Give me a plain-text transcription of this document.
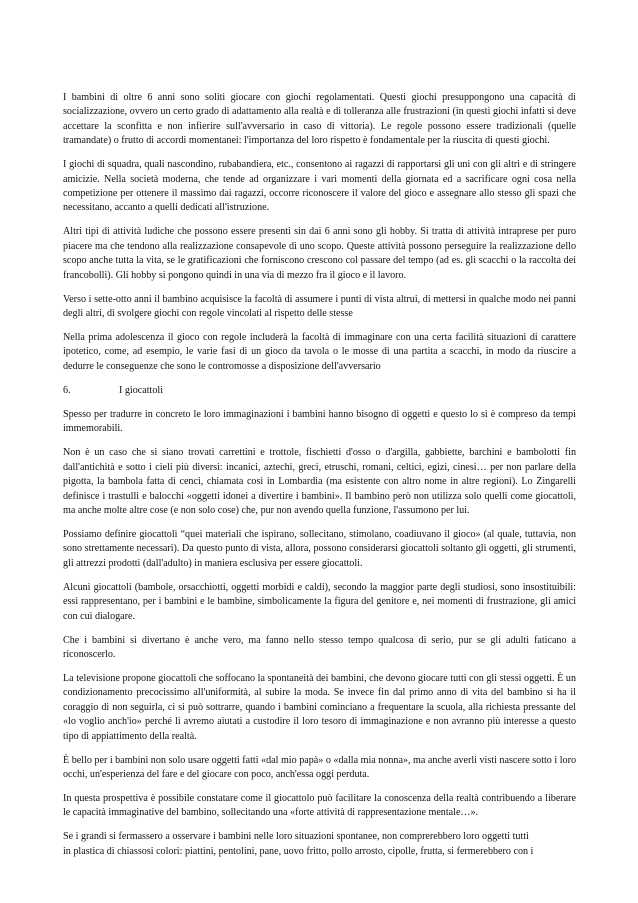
I bambini di oltre 6 anni sono soliti giocare con giochi regolamentati. Questi giochi presuppongono una capacità di socializzazione, ovvero un certo grado di adattamento alla realtà e di tolleranza alle frustrazioni (in questi giochi infatti si deve accettare la sconfitta e non infierire sull'avversario in caso di vittoria). Le regole possono essere tradizionali (quelle tramandate) o frutto di accordi momentanei: l'importanza del loro rispetto è fondamentale per la riuscita di questi giochi.

I giochi di squadra, quali nascondino, rubabandiera, etc., consentono ai ragazzi di rapportarsi gli uni con gli altri e di stringere amicizie. Nella società moderna, che tende ad organizzare i vari momenti della giornata ed a sacrificare ogni cosa nella competizione per ottenere il massimo dai ragazzi, occorre riconoscere il valore del gioco e assegnare allo stesso gli spazi che necessitano, accanto a quelli dedicati all'istruzione.

Altri tipi di attività ludiche che possono essere presenti sin dai 6 anni sono gli hobby. Si tratta di attività intraprese per puro piacere ma che tendono alla realizzazione consapevole di uno scopo. Queste attività possono perseguire la realizzazione dello scopo anche tutta la vita, se le gratificazioni che forniscono crescono col passare del tempo (ad es. gli scacchi o la raccolta dei francobolli). Gli hobby si pongono quindi in una via di mezzo fra il gioco e il lavoro.

Verso i sette-otto anni il bambino acquisisce la facoltà di assumere i punti di vista altrui, di mettersi in qualche modo nei panni degli altri, di svolgere giochi con regole vincolati al rispetto delle stesse

Nella prima adolescenza il gioco con regole includerà la facoltà di immaginare con una certa facilità situazioni di carattere ipotetico, come, ad esempio, le varie fasi di un gioco da tavola o le mosse di una partita a scacchi, in modo da riuscire a dedurre le conseguenze che sono le contromosse a disposizione dell'avversario

6.	I giocattoli

Spesso per tradurre in concreto le loro immaginazioni i bambini hanno bisogno di oggetti e questo lo si è compreso da tempi immemorabili.

Non è un caso che si siano trovati carrettini e trottole, fischietti d'osso o d'argilla, gabbiette, barchini e bambolotti fin dall'antichità e sotto i cieli più diversi: incanici, aztechi, greci, etruschi, romani, celtici, egizi, cinesi… per non parlare della pigotta, la bambola fatta di cenci, chiamata così in Lombardia (ma esistente con altro nome in altre regioni). Lo Zingarelli definisce i trastulli e balocchi «oggetti idonei a divertire i bambini». Il bambino però non utilizza solo quelli come giocattoli, ma anche molte altre cose (e non solo cose) che, pur non avendo quella funzione, l'assumono per lui.

Possiamo definire giocattoli “quei materiali che ispirano, sollecitano, stimolano, coadiuvano il gioco» (al quale, tuttavia, non sono strettamente necessari). Da questo punto di vista, allora, possono considerarsi giocattoli soltanto gli oggetti, gli strumenti, gli attrezzi prodotti (dall'adulto) in maniera esclusiva per essere giocattoli.

Alcuni giocattoli (bambole, orsacchiotti, oggetti morbidi e caldi), secondo la maggior parte degli studiosi, sono insostituibili: essi rappresentano, per i bambini e le bambine, simbolicamente la figura del genitore e, nei momenti di frustrazione, gli amici con cui dialogare.

Che i bambini si divertano è anche vero, ma fanno nello stesso tempo qualcosa di serio, pur se gli adulti faticano a riconoscerlo.

La televisione propone giocattoli che soffocano la spontaneità dei bambini, che devono giocare tutti con gli stessi oggetti. È un condizionamento precocissimo all'uniformità, al subire la moda. Se invece fin dal primo anno di vita del bambino si ha il coraggio di non seguirla, ci si può sottrarre, quando i bambini cominciano a frequentare la scuola, alla richiesta pressante del «lo voglio anch'io» perché li avremo aiutati a custodire il loro tesoro di immaginazione e non avranno più interesse a questo tipo di appiattimento della realtà.

È bello per i bambini non solo usare oggetti fatti «dal mio papà» o «dalla mia nonna», ma anche averli visti nascere sotto i loro occhi, un'esperienza del fare e del giocare con poco, anch'essa oggi perduta.

In questa prospettiva è possibile constatare come il giocattolo può facilitare la conoscenza della realtà contribuendo a liberare le capacità immaginative del bambino, sollecitando una «forte attività di rappresentazione mentale…».

Se i grandi si fermassero a osservare i bambini nelle loro situazioni spontanee, non comprerebbero loro oggetti tutti
in plastica di chiassosi colori: piattini, pentolini, pane, uovo fritto, pollo arrosto, cipolle, frutta, si fermerebbero con i
